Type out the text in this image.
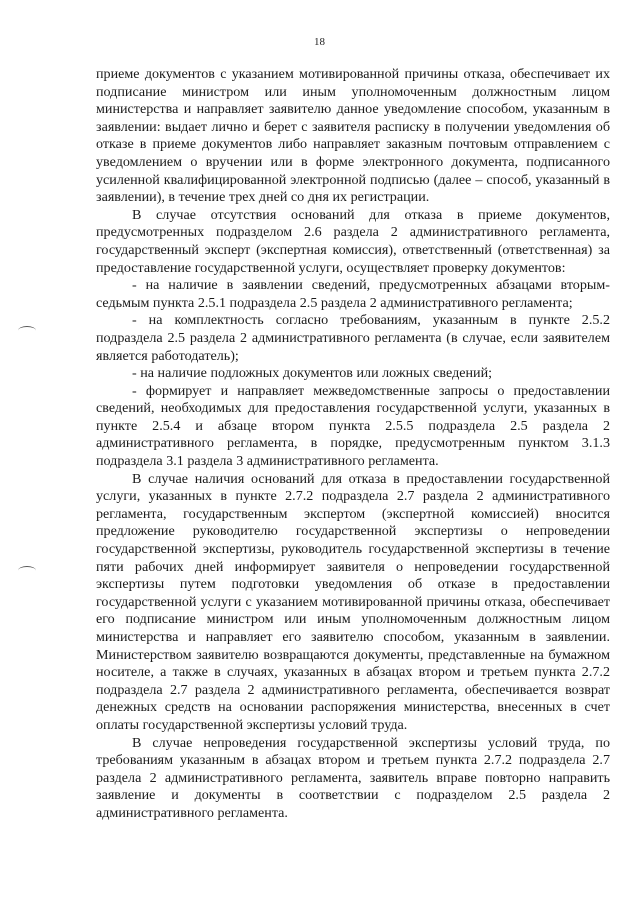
18

приеме документов с указанием мотивированной причины отказа, обеспечивает их подписание министром или иным уполномоченным должностным лицом министерства и направляет заявителю данное уведомление способом, указанным в заявлении: выдает лично и берет с заявителя расписку в получении уведомления об отказе в приеме документов либо направляет заказным почтовым отправлением с уведомлением о вручении или в форме электронного документа, подписанного усиленной квалифицированной электронной подписью (далее – способ, указанный в заявлении), в течение трех дней со дня их регистрации.

В случае отсутствия оснований для отказа в приеме документов, предусмотренных подразделом 2.6 раздела 2 административного регламента, государственный эксперт (экспертная комиссия), ответственный (ответственная) за предоставление государственной услуги, осуществляет проверку документов:

- на наличие в заявлении сведений, предусмотренных абзацами вторым-седьмым пункта 2.5.1 подраздела 2.5 раздела 2 административного регламента;

- на комплектность согласно требованиям, указанным в пункте 2.5.2 подраздела 2.5 раздела 2 административного регламента (в случае, если заявителем является работодатель);

- на наличие подложных документов или ложных сведений;

- формирует и направляет межведомственные запросы о предоставлении сведений, необходимых для предоставления государственной услуги, указанных в пункте 2.5.4 и абзаце втором пункта 2.5.5 подраздела 2.5 раздела 2 административного регламента, в порядке, предусмотренным пунктом 3.1.3 подраздела 3.1 раздела 3 административного регламента.

В случае наличия оснований для отказа в предоставлении государственной услуги, указанных в пункте 2.7.2 подраздела 2.7 раздела 2 административного регламента, государственным экспертом (экспертной комиссией) вносится предложение руководителю государственной экспертизы о непроведении государственной экспертизы, руководитель государственной экспертизы в течение пяти рабочих дней информирует заявителя о непроведении государственной экспертизы путем подготовки уведомления об отказе в предоставлении государственной услуги с указанием мотивированной причины отказа, обеспечивает его подписание министром или иным уполномоченным должностным лицом министерства и направляет его заявителю способом, указанным в заявлении. Министерством заявителю возвращаются документы, представленные на бумажном носителе, а также в случаях, указанных в абзацах втором и третьем пункта 2.7.2 подраздела 2.7 раздела 2 административного регламента, обеспечивается возврат денежных средств на основании распоряжения министерства, внесенных в счет оплаты государственной экспертизы условий труда.

В случае непроведения государственной экспертизы условий труда, по требованиям указанным в абзацах втором и третьем пункта 2.7.2 подраздела 2.7 раздела 2 административного регламента, заявитель вправе повторно направить заявление и документы в соответствии с подразделом 2.5 раздела 2 административного регламента.
